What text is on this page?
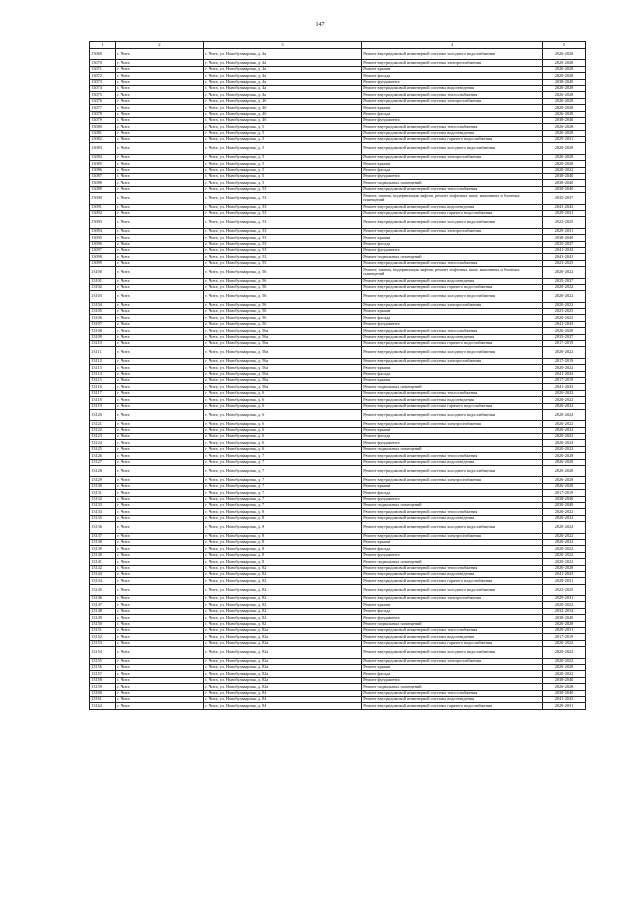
147
1	2	3	4	5
13069	г. Чита	г. Чита, ул. Новобульварная, д. 4а	Ремонт внутридомовой инженерной системы холодного водоснабжения	2026-2028
13070	г. Чита	г. Чита, ул. Новобульварная, д. 4а	Ремонт внутридомовой инженерной системы электроснабжения	2026-2028
13071	г. Чита	г. Чита, ул. Новобульварная, д. 4а	Ремонт крыши	2026-2028
13072	г. Чита	г. Чита, ул. Новобульварная, д. 4а	Ремонт фасада	2026-2028
13073	г. Чита	г. Чита, ул. Новобульварная, д. 4а	Ремонт фундамента	2038-2040
13074	г. Чита	г. Чита, ул. Новобульварная, д. 4а	Ремонт внутридомовой инженерной системы водоотведения	2026-2028
13075	г. Чита	г. Чита, ул. Новобульварная, д. 4а	Ремонт внутридомовой инженерной системы теплоснабжения	2026-2028
13076	г. Чита	г. Чита, ул. Новобульварная, д. 4б	Ремонт внутридомовой инженерной системы электроснабжения	2026-2028
13077	г. Чита	г. Чита, ул. Новобульварная, д. 4б	Ремонт крыши	2026-2028
13078	г. Чита	г. Чита, ул. Новобульварная, д. 4б	Ремонт фасада	2026-2028
13079	г. Чита	г. Чита, ул. Новобульварная, д. 4б	Ремонт фундамента	2038-2040
13080	г. Чита	г. Чита, ул. Новобульварная, д. 5	Ремонт внутридомовой инженерной системы теплоснабжения	2026-2028
13081	г. Чита	г. Чита, ул. Новобульварная, д. 5	Ремонт внутридомовой инженерной системы водоотведения	2026-2028
13082	г. Чита	г. Чита, ул. Новобульварная, д. 5	Ремонт внутридомовой инженерной системы горячего водоснабжения	2029-2031
13083	г. Чита	г. Чита, ул. Новобульварная, д. 5	Ремонт внутридомовой инженерной системы холодного водоснабжения	2026-2028
13084	г. Чита	г. Чита, ул. Новобульварная, д. 5	Ремонт внутридомовой инженерной системы электроснабжения	2026-2028
13085	г. Чита	г. Чита, ул. Новобульварная, д. 5	Ремонт крыши	2026-2028
13086	г. Чита	г. Чита, ул. Новобульварная, д. 5	Ремонт фасада	2020-2022
13087	г. Чита	г. Чита, ул. Новобульварная, д. 5	Ремонт фундамента	2038-2040
13088	г. Чита	г. Чита, ул. Новобульварная, д. 5	Ремонт подвальных помещений	2038-2040
13089	г. Чита	г. Чита, ул. Новобульварная, д. 53	Ремонт внутридомовой инженерной системы теплоснабжения	2038-2040
13090	г. Чита	г. Чита, ул. Новобульварная, д. 53	Ремонт, замена, модернизация лифтов, ремонт лифтовых шахт, машинных и блочных помещений	2035-2037
13091	г. Чита	г. Чита, ул. Новобульварная, д. 53	Ремонт внутридомовой инженерной системы водоотведения	2041-2043
13092	г. Чита	г. Чита, ул. Новобульварная, д. 53	Ремонт внутридомовой инженерной системы горячего водоснабжения	2029-2031
13093	г. Чита	г. Чита, ул. Новобульварная, д. 53	Ремонт внутридомовой инженерной системы холодного водоснабжения	2023-2025
13094	г. Чита	г. Чита, ул. Новобульварная, д. 53	Ремонт внутридомовой инженерной системы электроснабжения	2029-2031
13095	г. Чита	г. Чита, ул. Новобульварная, д. 53	Ремонт крыши	2038-2040
13096	г. Чита	г. Чита, ул. Новобульварная, д. 53	Ремонт фасада	2035-2037
13097	г. Чита	г. Чита, ул. Новобульварная, д. 53	Ремонт фундамента	2041-2043
13098	г. Чита	г. Чита, ул. Новобульварная, д. 53	Ремонт подвальных помещений	2041-2043
13099	г. Чита	г. Чита, ул. Новобульварная, д. 55	Ремонт внутридомовой инженерной системы теплоснабжения	2023-2025
13100	г. Чита	г. Чита, ул. Новобульварная, д. 56	Ремонт, замена, модернизация лифтов, ремонт лифтовых шахт, машинных и блочных помещений	2020-2022
13101	г. Чита	г. Чита, ул. Новобульварная, д. 56	Ремонт внутридомовой инженерной системы водоотведения	2035-2037
13102	г. Чита	г. Чита, ул. Новобульварная, д. 56	Ремонт внутридомовой инженерной системы горячего водоснабжения	2020-2022
13103	г. Чита	г. Чита, ул. Новобульварная, д. 56	Ремонт внутридомовой инженерной системы холодного водоснабжения	2020-2022
13104	г. Чита	г. Чита, ул. Новобульварная, д. 56	Ремонт внутридомовой инженерной системы электроснабжения	2020-2022
13105	г. Чита	г. Чита, ул. Новобульварная, д. 56	Ремонт крыши	2023-2025
13106	г. Чита	г. Чита, ул. Новобульварная, д. 56	Ремонт фасада	2020-2022
13107	г. Чита	г. Чита, ул. Новобульварная, д. 56	Ремонт фундамента	2041-2043
13108	г. Чита	г. Чита, ул. Новобульварная, д. 56а	Ремонт внутридомовой инженерной системы теплоснабжения	2026-2028
13109	г. Чита	г. Чита, ул. Новобульварная, д. 56а	Ремонт внутридомовой инженерной системы водоотведения	2035-2037
13110	г. Чита	г. Чита, ул. Новобульварная, д. 56а	Ремонт внутридомовой инженерной системы горячего водоснабжения	2017-2019
13111	г. Чита	г. Чита, ул. Новобульварная, д. 56а	Ремонт внутридомовой инженерной системы холодного водоснабжения	2020-2022
13112	г. Чита	г. Чита, ул. Новобульварная, д. 56а	Ремонт внутридомовой инженерной системы электроснабжения	2017-2019
13113	г. Чита	г. Чита, ул. Новобульварная, д. 56а	Ремонт крыши	2020-2022
13114	г. Чита	г. Чита, ул. Новобульварная, д. 56а	Ремонт фасада	2041-2043
13115	г. Чита	г. Чита, ул. Новобульварная, д. 56а	Ремонт крыши	2017-2019
13116	г. Чита	г. Чита, ул. Новобульварная, д. 56а	Ремонт подвальных помещений	2041-2043
13117	г. Чита	г. Чита, ул. Новобульварная, д. 6	Ремонт внутридомовой инженерной системы теплоснабжения	2020-2022
13118	г. Чита	г. Чита, ул. Новобульварная, д. 6	Ремонт внутридомовой инженерной системы водоотведения	2020-2022
13119	г. Чита	г. Чита, ул. Новобульварная, д. 6	Ремонт внутридомовой инженерной системы горячего водоснабжения	2020-2022
13120	г. Чита	г. Чита, ул. Новобульварная, д. 6	Ремонт внутридомовой инженерной системы холодного водоснабжения	2020-2022
13121	г. Чита	г. Чита, ул. Новобульварная, д. 6	Ремонт внутридомовой инженерной системы электроснабжения	2020-2022
13122	г. Чита	г. Чита, ул. Новобульварная, д. 6	Ремонт крыши	2020-2022
13123	г. Чита	г. Чита, ул. Новобульварная, д. 6	Ремонт фасада	2020-2022
13124	г. Чита	г. Чита, ул. Новобульварная, д. 6	Ремонт фундамента	2020-2022
13125	г. Чита	г. Чита, ул. Новобульварная, д. 6	Ремонт подвальных помещений	2020-2022
13126	г. Чита	г. Чита, ул. Новобульварная, д. 7	Ремонт внутридомовой инженерной системы теплоснабжения	2026-2028
13127	г. Чита	г. Чита, ул. Новобульварная, д. 7	Ремонт внутридомовой инженерной системы водоотведения	2026-2028
13128	г. Чита	г. Чита, ул. Новобульварная, д. 7	Ремонт внутридомовой инженерной системы холодного водоснабжения	2026-2028
13129	г. Чита	г. Чита, ул. Новобульварная, д. 7	Ремонт внутридомовой инженерной системы электроснабжения	2026-2028
13130	г. Чита	г. Чита, ул. Новобульварная, д. 7	Ремонт крыши	2026-2028
13131	г. Чита	г. Чита, ул. Новобульварная, д. 7	Ремонт фасада	2017-2019
13132	г. Чита	г. Чита, ул. Новобульварная, д. 7	Ремонт фундамента	2038-2040
13133	г. Чита	г. Чита, ул. Новобульварная, д. 7	Ремонт подвальных помещений	2038-2040
13134	г. Чита	г. Чита, ул. Новобульварная, д. 8	Ремонт внутридомовой инженерной системы теплоснабжения	2020-2022
13135	г. Чита	г. Чита, ул. Новобульварная, д. 8	Ремонт внутридомовой инженерной системы водоотведения	2020-2022
13136	г. Чита	г. Чита, ул. Новобульварная, д. 8	Ремонт внутридомовой инженерной системы холодного водоснабжения	2020-2022
13137	г. Чита	г. Чита, ул. Новобульварная, д. 8	Ремонт внутридомовой инженерной системы электроснабжения	2020-2022
13138	г. Чита	г. Чита, ул. Новобульварная, д. 8	Ремонт крыши	2020-2022
13139	г. Чита	г. Чита, ул. Новобульварная, д. 8	Ремонт фасада	2020-2022
13140	г. Чита	г. Чита, ул. Новобульварная, д. 8	Ремонт фундамента	2020-2022
13141	г. Чита	г. Чита, ул. Новобульварная, д. 8	Ремонт подвальных помещений	2020-2022
13142	г. Чита	г. Чита, ул. Новобульварная, д. 82	Ремонт внутридомовой инженерной системы теплоснабжения	2026-2028
13143	г. Чита	г. Чита, ул. Новобульварная, д. 82	Ремонт внутридомовой инженерной системы водоотведения	2041-2043
13144	г. Чита	г. Чита, ул. Новобульварная, д. 82	Ремонт внутридомовой инженерной системы горячего водоснабжения	2029-2031
13145	г. Чита	г. Чита, ул. Новобульварная, д. 82	Ремонт внутридомовой инженерной системы холодного водоснабжения	2023-2025
13146	г. Чита	г. Чита, ул. Новобульварная, д. 82	Ремонт внутридомовой инженерной системы электроснабжения	2029-2031
13147	г. Чита	г. Чита, ул. Новобульварная, д. 82	Ремонт крыши	2020-2022
13148	г. Чита	г. Чита, ул. Новобульварная, д. 82	Ремонт фасада	2032-2034
13149	г. Чита	г. Чита, ул. Новобульварная, д. 82	Ремонт фундамента	2038-2040
13150	г. Чита	г. Чита, ул. Новобульварная, д. 82	Ремонт подвальных помещений	2026-2028
13151	г. Чита	г. Чита, ул. Новобульварная, д. 82а	Ремонт внутридомовой инженерной системы теплоснабжения	2029-2031
13152	г. Чита	г. Чита, ул. Новобульварная, д. 82а	Ремонт внутридомовой инженерной системы водоотведения	2017-2019
13153	г. Чита	г. Чита, ул. Новобульварная, д. 82а	Ремонт внутридомовой инженерной системы горячего водоснабжения	2020-2022
13154	г. Чита	г. Чита, ул. Новобульварная, д. 82а	Ремонт внутридомовой инженерной системы холодного водоснабжения	2020-2022
13155	г. Чита	г. Чита, ул. Новобульварная, д. 82а	Ремонт внутридомовой инженерной системы электроснабжения	2020-2022
13156	г. Чита	г. Чита, ул. Новобульварная, д. 82а	Ремонт крыши	2026-2028
13157	г. Чита	г. Чита, ул. Новобульварная, д. 82а	Ремонт фасада	2020-2022
13158	г. Чита	г. Чита, ул. Новобульварная, д. 82а	Ремонт фундамента	2038-2040
13159	г. Чита	г. Чита, ул. Новобульварная, д. 82а	Ремонт подвальных помещений	2026-2028
13160	г. Чита	г. Чита, ул. Новобульварная, д. 84	Ремонт внутридомовой инженерной системы теплоснабжения	2038-2040
13161	г. Чита	г. Чита, ул. Новобульварная, д. 84	Ремонт внутридомовой инженерной системы водоотведения	2041-2043
13162	г. Чита	г. Чита, ул. Новобульварная, д. 84	Ремонт внутридомовой инженерной системы горячего водоснабжения	2029-2031
